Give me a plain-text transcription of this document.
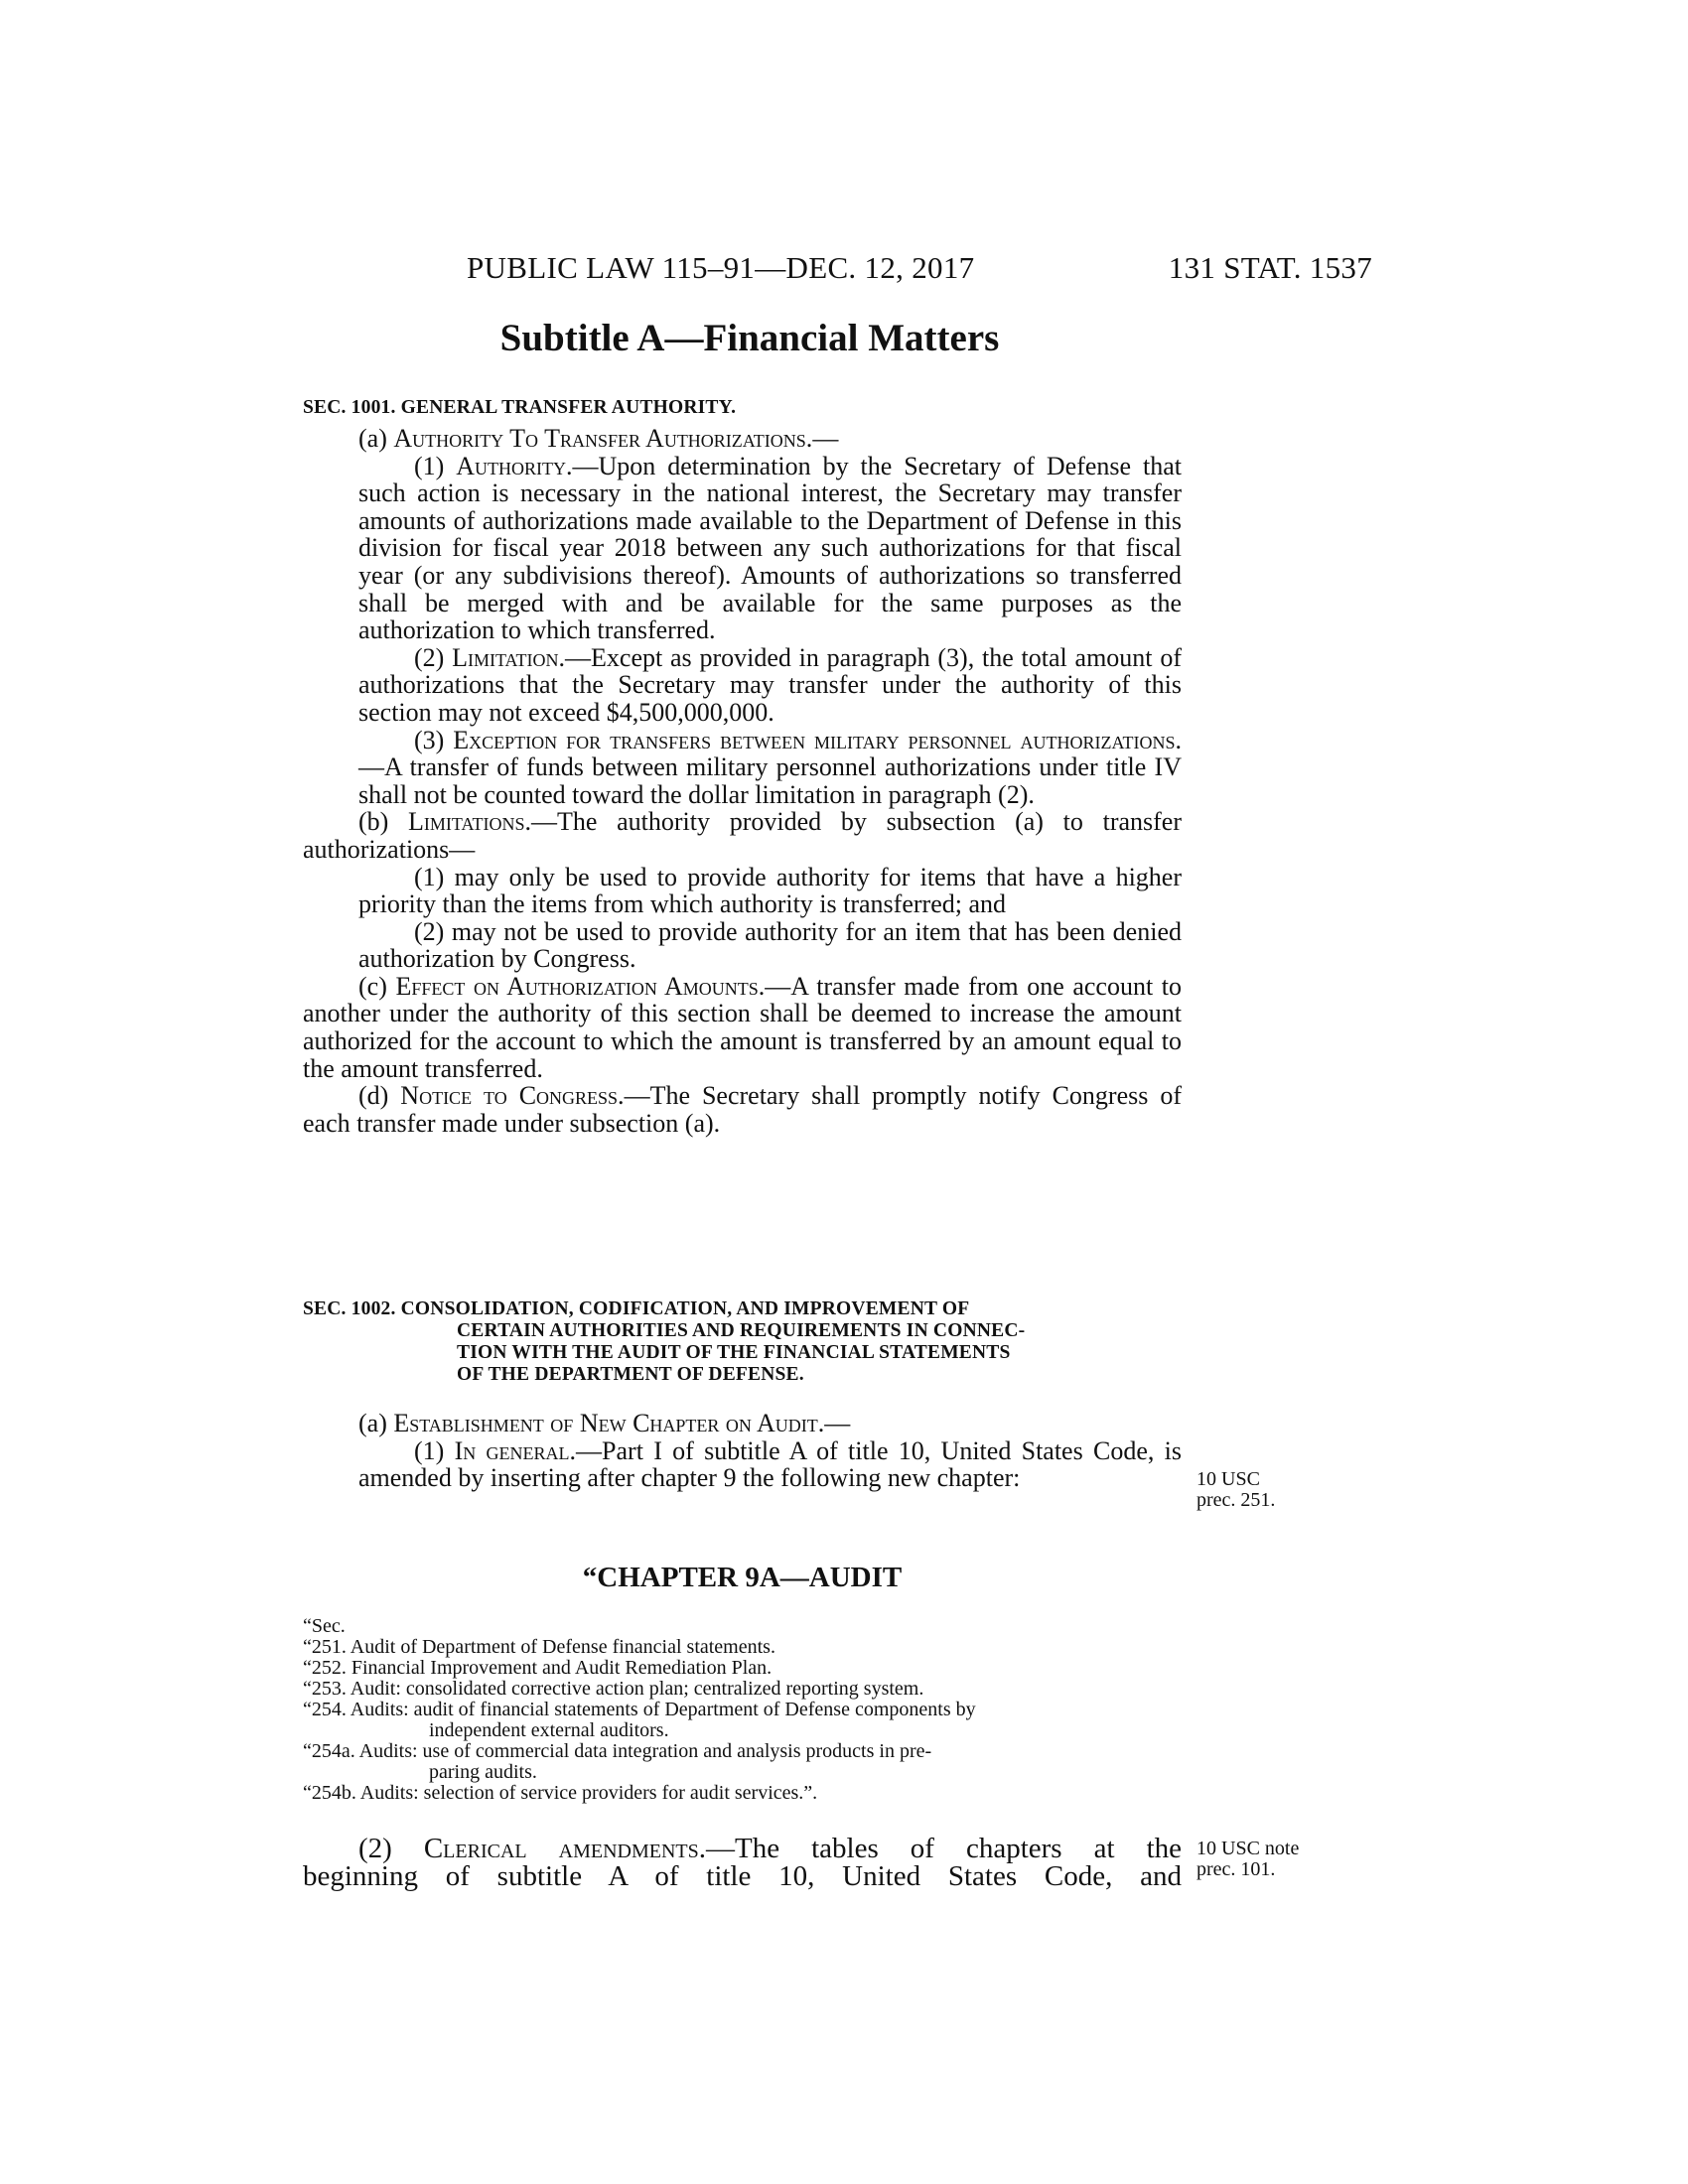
PUBLIC LAW 115–91—DEC. 12, 2017	131 STAT. 1537
Subtitle A—Financial Matters
SEC. 1001. GENERAL TRANSFER AUTHORITY.

(a) Authority To Transfer Authorizations.—

(1) Authority.—Upon determination by the Secretary of Defense that such action is necessary in the national interest, the Secretary may transfer amounts of authorizations made available to the Department of Defense in this division for fiscal year 2018 between any such authorizations for that fiscal year (or any subdivisions thereof). Amounts of authorizations so transferred shall be merged with and be available for the same purposes as the authorization to which transferred.

(2) Limitation.—Except as provided in paragraph (3), the total amount of authorizations that the Secretary may transfer under the authority of this section may not exceed $4,500,000,000.

(3) Exception for transfers between military personnel authorizations.—A transfer of funds between military personnel authorizations under title IV shall not be counted toward the dollar limitation in paragraph (2).

(b) Limitations.—The authority provided by subsection (a) to transfer authorizations—

(1) may only be used to provide authority for items that have a higher priority than the items from which authority is transferred; and

(2) may not be used to provide authority for an item that has been denied authorization by Congress.

(c) Effect on Authorization Amounts.—A transfer made from one account to another under the authority of this section shall be deemed to increase the amount authorized for the account to which the amount is transferred by an amount equal to the amount transferred.

(d) Notice to Congress.—The Secretary shall promptly notify Congress of each transfer made under subsection (a).

SEC. 1002. CONSOLIDATION, CODIFICATION, AND IMPROVEMENT OF
CERTAIN AUTHORITIES AND REQUIREMENTS IN CONNEC-
TION WITH THE AUDIT OF THE FINANCIAL STATEMENTS
OF THE DEPARTMENT OF DEFENSE.

(a) Establishment of New Chapter on Audit.—

(1) In general.—Part I of subtitle A of title 10, United States Code, is amended by inserting after chapter 9 the following new chapter:	10 USC
prec. 251.
“CHAPTER 9A—AUDIT
“Sec.
“251. Audit of Department of Defense financial statements.
“252. Financial Improvement and Audit Remediation Plan.
“253. Audit: consolidated corrective action plan; centralized reporting system.
“254. Audits: audit of financial statements of Department of Defense components by
independent external auditors.
“254a. Audits: use of commercial data integration and analysis products in pre-
paring audits.
“254b. Audits: selection of service providers for audit services.”.

(2) Clerical amendments.—The tables of chapters at the

beginning of subtitle A of title 10, United States Code, and

10 USC note
prec. 101.
